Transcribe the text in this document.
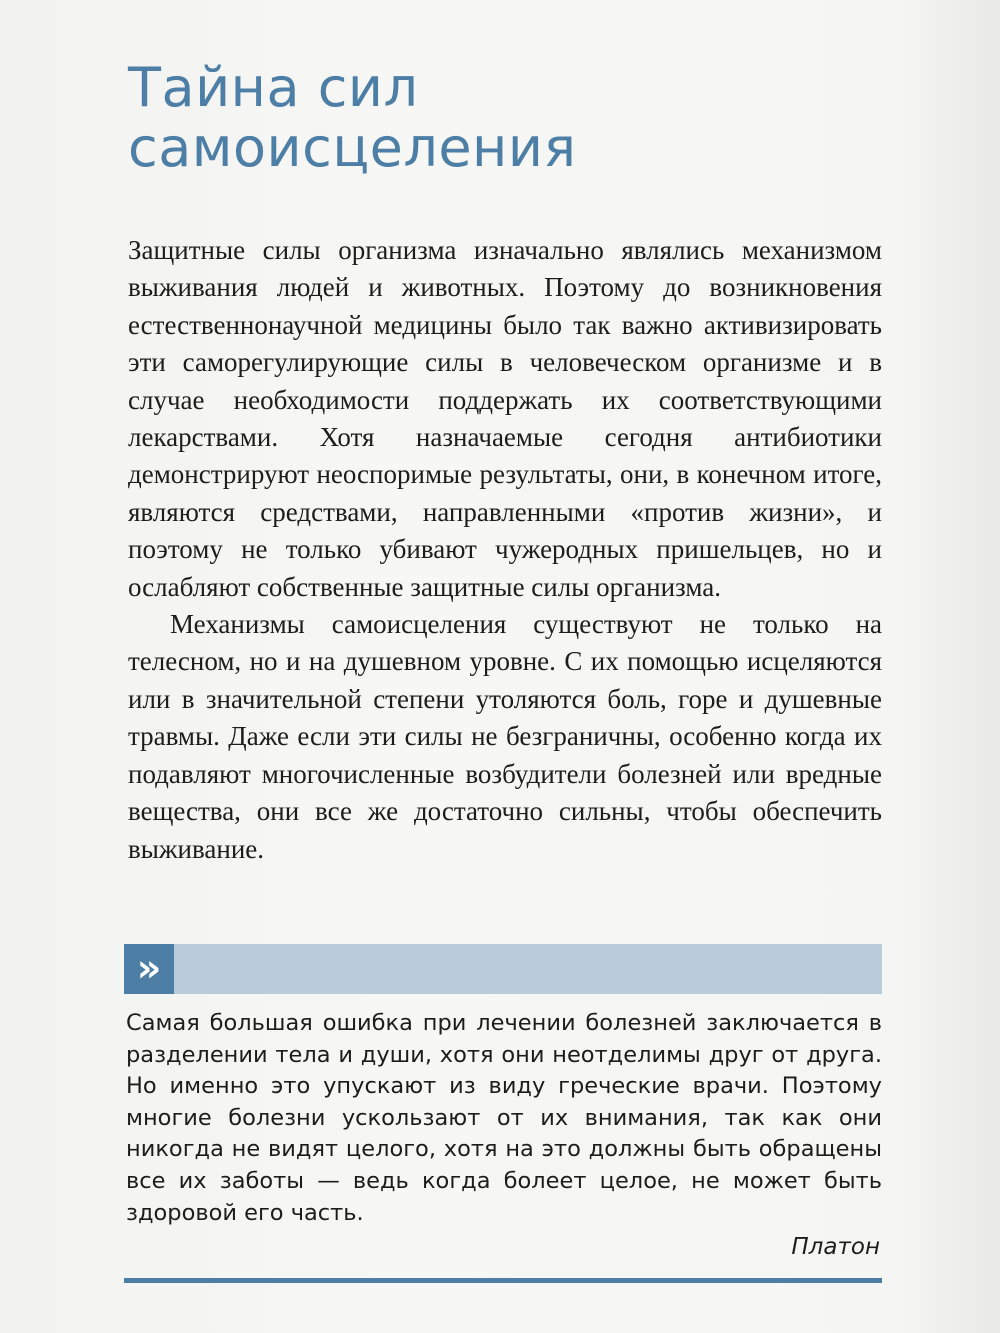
Тайна сил
самоисцеления

Защитные силы организма изначально являлись механизмом выживания людей и животных. Поэтому до возникновения естественнонаучной медицины было так важно активизировать эти саморегулирующие силы в человеческом организме и в случае необходимости поддержать их соответствующими лекарствами. Хотя назначаемые сегодня антибиотики демонстрируют неоспоримые результаты, они, в конечном итоге, являются средствами, направленными «против жизни», и поэтому не только убивают чужеродных пришельцев, но и ослабляют собственные защитные силы организма.

Механизмы самоисцеления существуют не только на телесном, но и на душевном уровне. С их помощью исцеляются или в значительной степени утоляются боль, горе и душевные травмы. Даже если эти силы не безграничны, особенно когда их подавляют многочисленные возбудители болезней или вредные вещества, они все же достаточно сильны, чтобы обеспечить выживание.

»
Самая большая ошибка при лечении болезней заключается в разделении тела и души, хотя они неотделимы друг от друга. Но именно это упускают из виду греческие врачи. Поэтому многие болезни ускользают от их внимания, так как они никогда не видят целого, хотя на это должны быть обращены все их заботы — ведь когда болеет целое, не может быть здоровой его часть.
Платон
